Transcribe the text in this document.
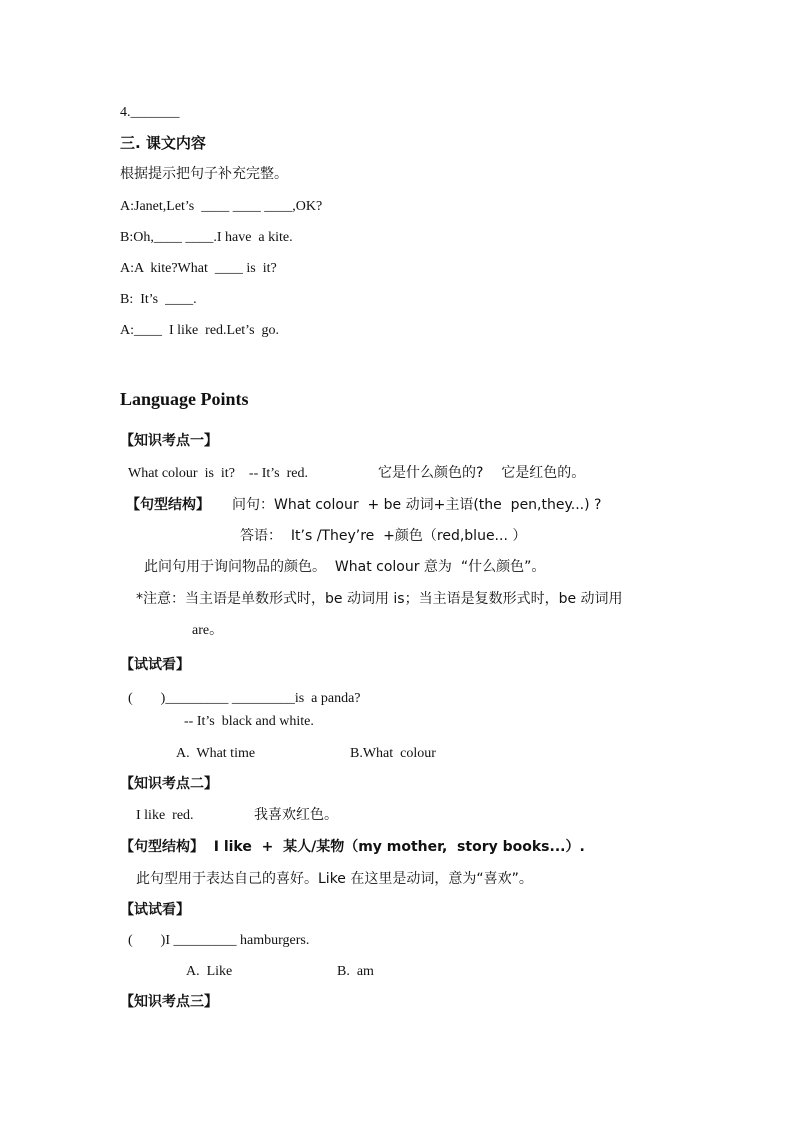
4._______
三. 课文内容
根据提示把句子补充完整。
A:Janet,Let’s  ____ ____ ____,OK?
B:Oh,____ ____.I have  a kite.
A:A  kite?What  ____ is  it?
B:  It’s  ____.
A:____  I like  red.Let’s  go.
Language Points
【知识考点一】
What colour  is  it?    -- It’s  red.	它是什么颜色的?    它是红色的。
【句型结构】 问句：What colour  + be 动词+主语(the  pen,they...) ?
答语：  It’s /They’re  +颜色（red,blue... ）
此问句用于询问物品的颜色。  What colour 意为  “什么颜色”。
*注意：当主语是单数形式时，be 动词用 is；当主语是复数形式时，be 动词用
are。
【试试看】
(        )_________ _________is  a panda?
-- It’s  black and white.
A.  What time	B.What  colour
【知识考点二】
I like  red.	我喜欢红色。
【句型结构】  I like  +  某人/某物（my mother,  story books...）.
此句型用于表达自己的喜好。Like 在这里是动词，意为“喜欢”。
【试试看】
(        )I _________ hamburgers.
A.  Like	B.  am
【知识考点三】
